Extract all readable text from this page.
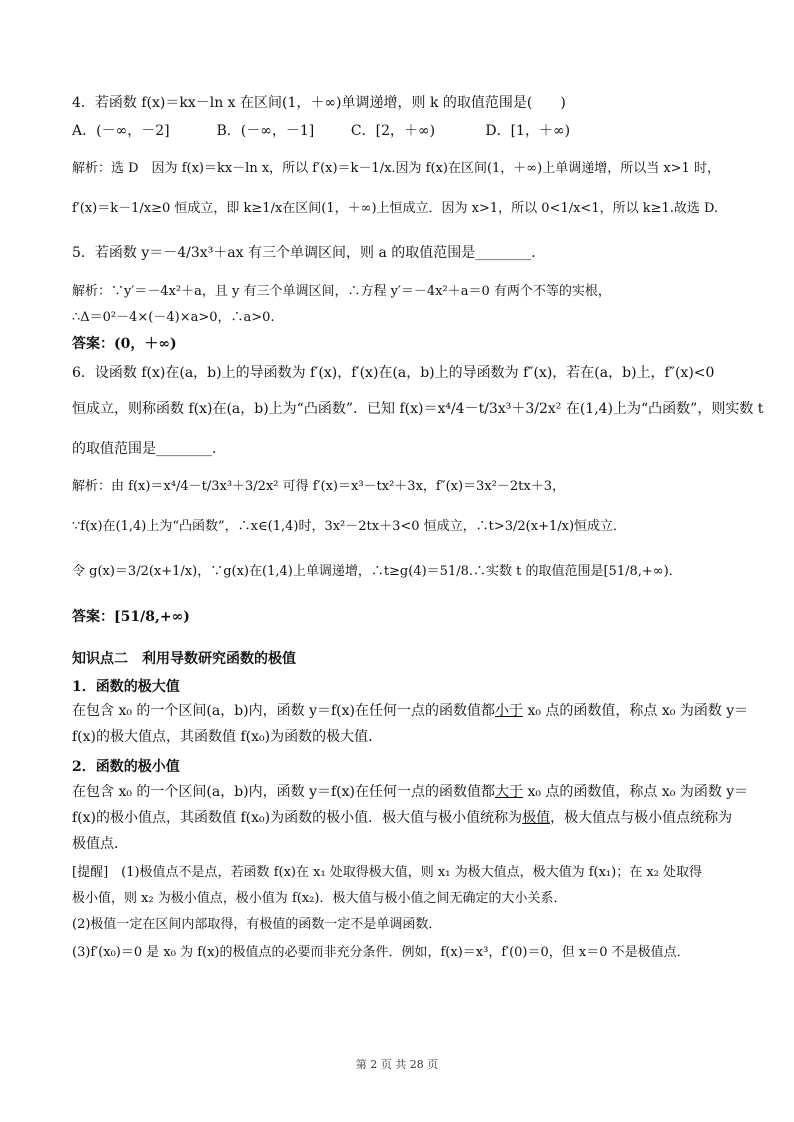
4．若函数 f(x)＝kx－ln x 在区间(1，＋∞)单调递增，则 k 的取值范围是(　　)
A．(－∞，－2]	B．(－∞，－1]	C．[2，＋∞)	D．[1，＋∞)
解析：选 D　因为 f(x)＝kx－ln x，所以 f′(x)＝k－1/x.因为 f(x)在区间(1，＋∞)上单调递增，所以当 x>1 时，
f′(x)＝k－1/x≥0 恒成立，即 k≥1/x在区间(1，＋∞)上恒成立．因为 x>1，所以 0<1/x<1，所以 k≥1.故选 D.
5．若函数 y＝－4/3x³＋ax 有三个单调区间，则 a 的取值范围是________．
解析：∵y′＝－4x²＋a，且 y 有三个单调区间，∴方程 y′＝－4x²＋a＝0 有两个不等的实根，
∴Δ＝0²－4×(－4)×a>0，∴a>0.
答案：(0，＋∞)
6．设函数 f(x)在(a，b)上的导函数为 f′(x)，f′(x)在(a，b)上的导函数为 f″(x)，若在(a，b)上，f″(x)<0
恒成立，则称函数 f(x)在(a，b)上为“凸函数”．已知 f(x)＝x⁴/4－t/3x³＋3/2x² 在(1,4)上为“凸函数”，则实数 t
的取值范围是________．
解析：由 f(x)＝x⁴/4－t/3x³＋3/2x² 可得 f′(x)＝x³－tx²＋3x，f″(x)＝3x²－2tx＋3，
∵f(x)在(1,4)上为“凸函数”，∴x∈(1,4)时，3x²－2tx＋3<0 恒成立，∴t>3/2(x+1/x)恒成立．
令 g(x)＝3/2(x+1/x)，∵g(x)在(1,4)上单调递增，∴t≥g(4)＝51/8.∴实数 t 的取值范围是[51/8,+∞)．
答案：[51/8,+∞)
知识点二　利用导数研究函数的极值
1．函数的极大值
在包含 x₀ 的一个区间(a，b)内，函数 y＝f(x)在任何一点的函数值都小于 x₀ 点的函数值，称点 x₀ 为函数 y＝
f(x)的极大值点，其函数值 f(x₀)为函数的极大值．
2．函数的极小值
在包含 x₀ 的一个区间(a，b)内，函数 y＝f(x)在任何一点的函数值都大于 x₀ 点的函数值，称点 x₀ 为函数 y＝
f(x)的极小值点，其函数值 f(x₀)为函数的极小值．极大值与极小值统称为极值，极大值点与极小值点统称为
极值点．
[提醒]　(1)极值点不是点，若函数 f(x)在 x₁ 处取得极大值，则 x₁ 为极大值点，极大值为 f(x₁)；在 x₂ 处取得
极小值，则 x₂ 为极小值点，极小值为 f(x₂)．极大值与极小值之间无确定的大小关系．
(2)极值一定在区间内部取得，有极值的函数一定不是单调函数．
(3)f′(x₀)＝0 是 x₀ 为 f(x)的极值点的必要而非充分条件．例如，f(x)＝x³，f′(0)＝0，但 x＝0 不是极值点．
第 2 页 共 28 页
